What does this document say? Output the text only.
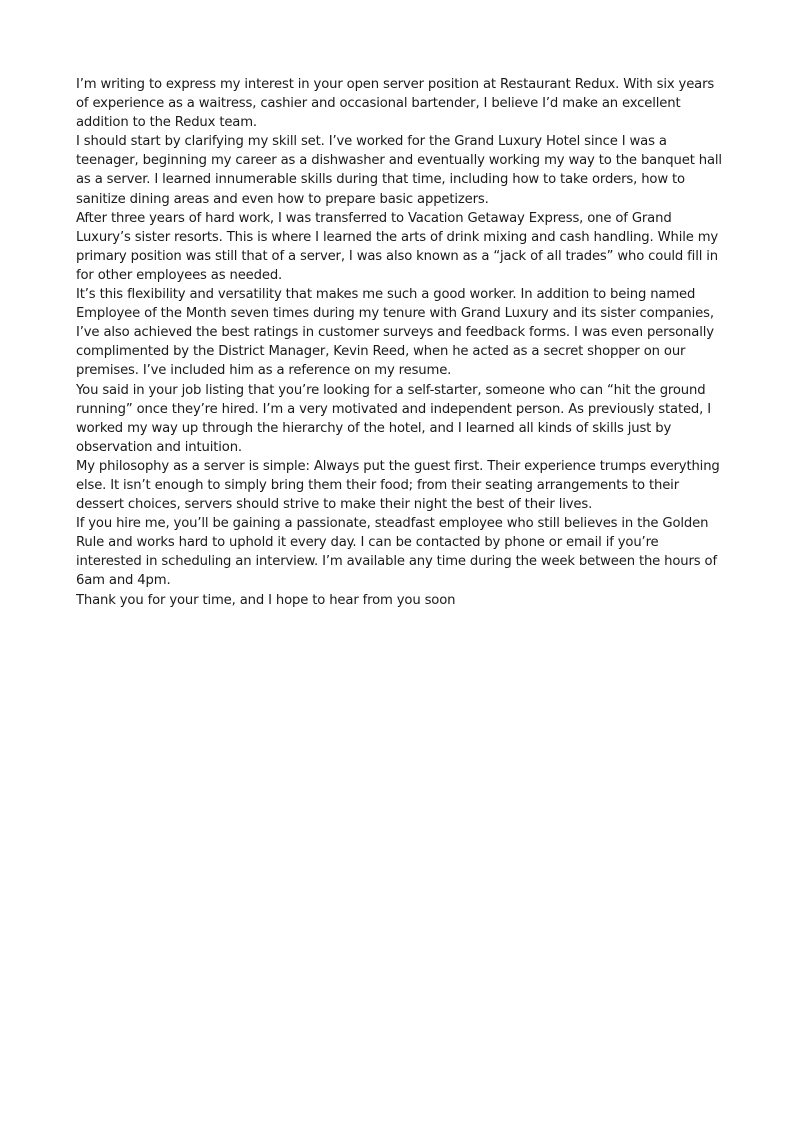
I’m writing to express my interest in your open server position at Restaurant Redux. With six years of experience as a waitress, cashier and occasional bartender, I believe I’d make an excellent addition to the Redux team.

I should start by clarifying my skill set. I’ve worked for the Grand Luxury Hotel since I was a teenager, beginning my career as a dishwasher and eventually working my way to the banquet hall as a server. I learned innumerable skills during that time, including how to take orders, how to sanitize dining areas and even how to prepare basic appetizers.

After three years of hard work, I was transferred to Vacation Getaway Express, one of Grand Luxury’s sister resorts. This is where I learned the arts of drink mixing and cash handling. While my primary position was still that of a server, I was also known as a “jack of all trades” who could fill in for other employees as needed.

It’s this flexibility and versatility that makes me such a good worker. In addition to being named Employee of the Month seven times during my tenure with Grand Luxury and its sister companies, I’ve also achieved the best ratings in customer surveys and feedback forms. I was even personally complimented by the District Manager, Kevin Reed, when he acted as a secret shopper on our premises. I’ve included him as a reference on my resume.

You said in your job listing that you’re looking for a self-starter, someone who can “hit the ground running” once they’re hired. I’m a very motivated and independent person. As previously stated, I worked my way up through the hierarchy of the hotel, and I learned all kinds of skills just by observation and intuition.

My philosophy as a server is simple: Always put the guest first. Their experience trumps everything else. It isn’t enough to simply bring them their food; from their seating arrangements to their dessert choices, servers should strive to make their night the best of their lives.

If you hire me, you’ll be gaining a passionate, steadfast employee who still believes in the Golden Rule and works hard to uphold it every day. I can be contacted by phone or email if you’re interested in scheduling an interview. I’m available any time during the week between the hours of 6am and 4pm.

Thank you for your time, and I hope to hear from you soon
